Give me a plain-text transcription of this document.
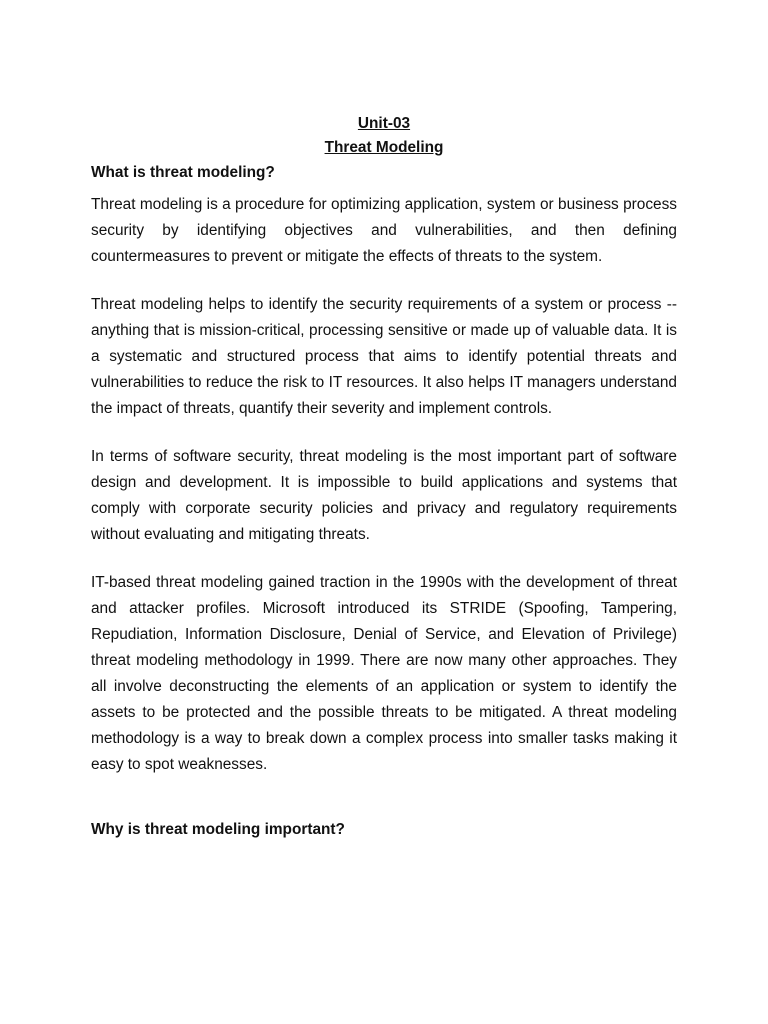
Unit-03
Threat Modeling
What is threat modeling?

Threat modeling is a procedure for optimizing application, system or business process security by identifying objectives and vulnerabilities, and then defining countermeasures to prevent or mitigate the effects of threats to the system.

Threat modeling helps to identify the security requirements of a system or process -- anything that is mission-critical, processing sensitive or made up of valuable data. It is a systematic and structured process that aims to identify potential threats and vulnerabilities to reduce the risk to IT resources. It also helps IT managers understand the impact of threats, quantify their severity and implement controls.

In terms of software security, threat modeling is the most important part of software design and development. It is impossible to build applications and systems that comply with corporate security policies and privacy and regulatory requirements without evaluating and mitigating threats.

IT-based threat modeling gained traction in the 1990s with the development of threat and attacker profiles. Microsoft introduced its STRIDE (Spoofing, Tampering, Repudiation, Information Disclosure, Denial of Service, and Elevation of Privilege) threat modeling methodology in 1999. There are now many other approaches. They all involve deconstructing the elements of an application or system to identify the assets to be protected and the possible threats to be mitigated. A threat modeling methodology is a way to break down a complex process into smaller tasks making it easy to spot weaknesses.

Why is threat modeling important?
